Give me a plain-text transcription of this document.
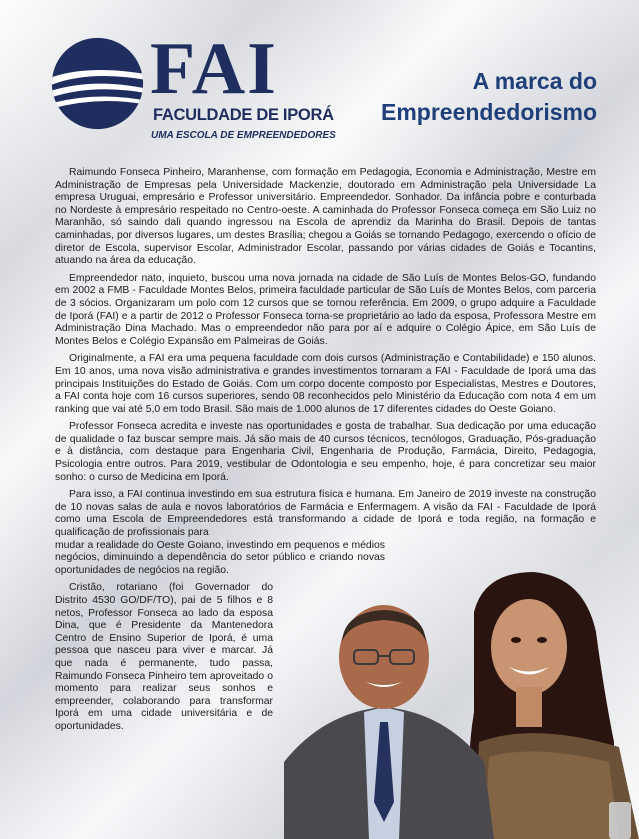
FAI
FACULDADE DE IPORÁ
UMA ESCOLA DE EMPREENDEDORES
A marca do
Empreendedorismo

Raimundo Fonseca Pinheiro, Maranhense, com formação em Pedagogia, Economia e Administração, Mestre em Administração de Empresas pela Universidade Mackenzie, doutorado em Administração pela Universidade La empresa Uruguai, empresário e Professor universitário. Empreendedor. Sonhador. Da infância pobre e conturbada no Nordeste à empresário respeitado no Centro-oeste. A caminhada do Professor Fonseca começa em São Luiz no Maranhão, só saindo dali quando ingressou na Escola de aprendiz da Marinha do Brasil. Depois de tantas caminhadas, por diversos lugares, um destes Brasília; chegou a Goiás se tornando Pedagogo, exercendo o ofício de diretor de Escola, supervisor Escolar, Administrador Escolar, passando por várias cidades de Goiás e Tocantins, atuando na área da educação.

Empreendedor nato, inquieto, buscou uma nova jornada na cidade de São Luís de Montes Belos-GO, fundando em 2002 a FMB - Faculdade Montes Belos, primeira faculdade particular de São Luís de Montes Belos, com parceria de 3 sócios. Organizaram um polo com 12 cursos que se tornou referência. Em 2009, o grupo adquire a Faculdade de Iporá (FAI) e a partir de 2012 o Professor Fonseca torna-se proprietário ao lado da esposa, Professora Mestre em Administração Dina Machado. Mas o empreendedor não para por aí e adquire o Colégio Ápice, em São Luís de Montes Belos e Colégio Expansão em Palmeiras de Goiás.

Originalmente, a FAI era uma pequena faculdade com dois cursos (Administração e Contabilidade) e 150 alunos. Em 10 anos, uma nova visão administrativa e grandes investimentos tornaram a FAI - Faculdade de Iporá uma das principais Instituições do Estado de Goiás. Com um corpo docente composto por Especialistas, Mestres e Doutores, a FAI conta hoje com 16 cursos superiores, sendo 08 reconhecidos pelo Ministério da Educação com nota 4 em um ranking que vai até 5,0 em todo Brasil. São mais de 1.000 alunos de 17 diferentes cidades do Oeste Goiano.

Professor Fonseca acredita e investe nas oportunidades e gosta de trabalhar. Sua dedicação por uma educação de qualidade o faz buscar sempre mais. Já são mais de 40 cursos técnicos, tecnólogos, Graduação, Pós-graduação e à distância, com destaque para Engenharia Civil, Engenharia de Produção, Farmácia, Direito, Pedagogia, Psicologia entre outros. Para 2019, vestibular de Odontologia e seu empenho, hoje, é para concretizar seu maior sonho: o curso de Medicina em Iporá.

Para isso, a FAI continua investindo em sua estrutura física e humana. Em Janeiro de 2019 investe na construção de 10 novas salas de aula e novos laboratórios de Farmácia e Enfermagem. A visão da FAI - Faculdade de Iporá como uma Escola de Empreendedores está transformando a cidade de Iporá e toda região, na formação e qualificação de profissionais para

mudar a realidade do Oeste Goiano, investindo em pequenos e médios negócios, diminuindo a dependência do setor público e criando novas oportunidades de negócios na região.

Cristão, rotariano (foi Governador do Distrito 4530 GO/DF/TO), pai de 5 filhos e 8 netos, Professor Fonseca ao lado da esposa Dina, que é Presidente da Mantenedora Centro de Ensino Superior de Iporá, é uma pessoa que nasceu para viver e marcar. Já que nada é permanente, tudo passa, Raimundo Fonseca Pinheiro tem aproveitado o momento para realizar seus sonhos e empreender, colaborando para transformar Iporá em uma cidade universitária e de oportunidades.
